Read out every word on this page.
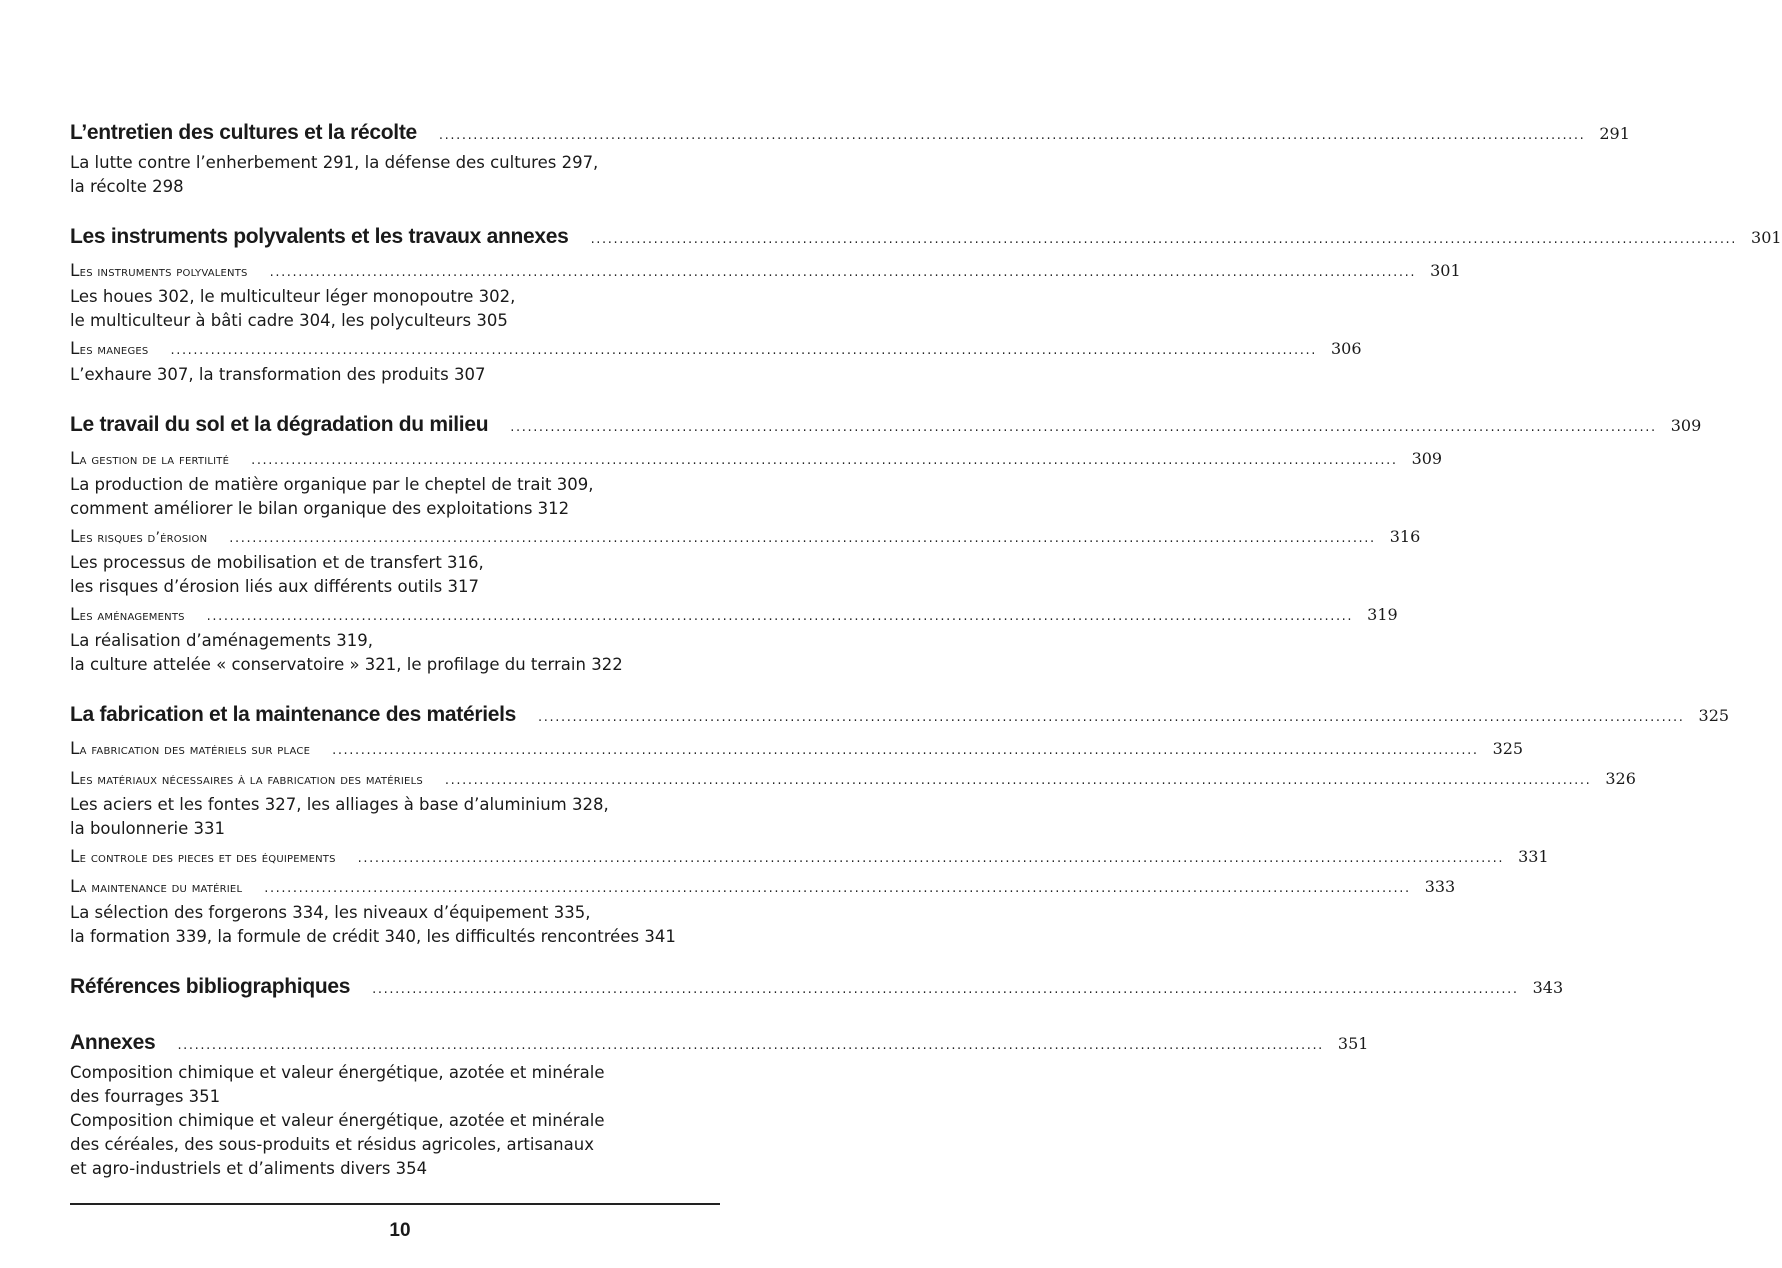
L’entretien des cultures et la récolte ........................................................................................................................................................................................................ 291
La lutte contre l’enherbement 291, la défense des cultures 297,
la récolte 298
Les instruments polyvalents et les travaux annexes ........................................................................................................................................................................................................ 301
Les instruments polyvalents ........................................................................................................................................................................................................ 301
Les houes 302, le multiculteur léger monopoutre 302,
le multiculteur à bâti cadre 304, les polyculteurs 305
Les maneges ........................................................................................................................................................................................................ 306
L’exhaure 307, la transformation des produits 307
Le travail du sol et la dégradation du milieu ........................................................................................................................................................................................................ 309
La gestion de la fertilité ........................................................................................................................................................................................................ 309
La production de matière organique par le cheptel de trait 309,
comment améliorer le bilan organique des exploitations 312
Les risques d’érosion ........................................................................................................................................................................................................ 316
Les processus de mobilisation et de transfert 316,
les risques d’érosion liés aux différents outils 317
Les aménagements ........................................................................................................................................................................................................ 319
La réalisation d’aménagements 319,
la culture attelée « conservatoire » 321, le profilage du terrain 322
La fabrication et la maintenance des matériels ........................................................................................................................................................................................................ 325
La fabrication des matériels sur place ........................................................................................................................................................................................................ 325
Les matériaux nécessaires à la fabrication des matériels ........................................................................................................................................................................................................ 326
Les aciers et les fontes 327, les alliages à base d’aluminium 328,
la boulonnerie 331
Le controle des pieces et des équipements ........................................................................................................................................................................................................ 331
La maintenance du matériel ........................................................................................................................................................................................................ 333
La sélection des forgerons 334, les niveaux d’équipement 335,
la formation 339, la formule de crédit 340, les difficultés rencontrées 341
Références bibliographiques ........................................................................................................................................................................................................ 343
Annexes ........................................................................................................................................................................................................ 351
Composition chimique et valeur énergétique, azotée et minérale
des fourrages 351
Composition chimique et valeur énergétique, azotée et minérale
des céréales, des sous-produits et résidus agricoles, artisanaux
et agro-industriels et d’aliments divers 354
10
